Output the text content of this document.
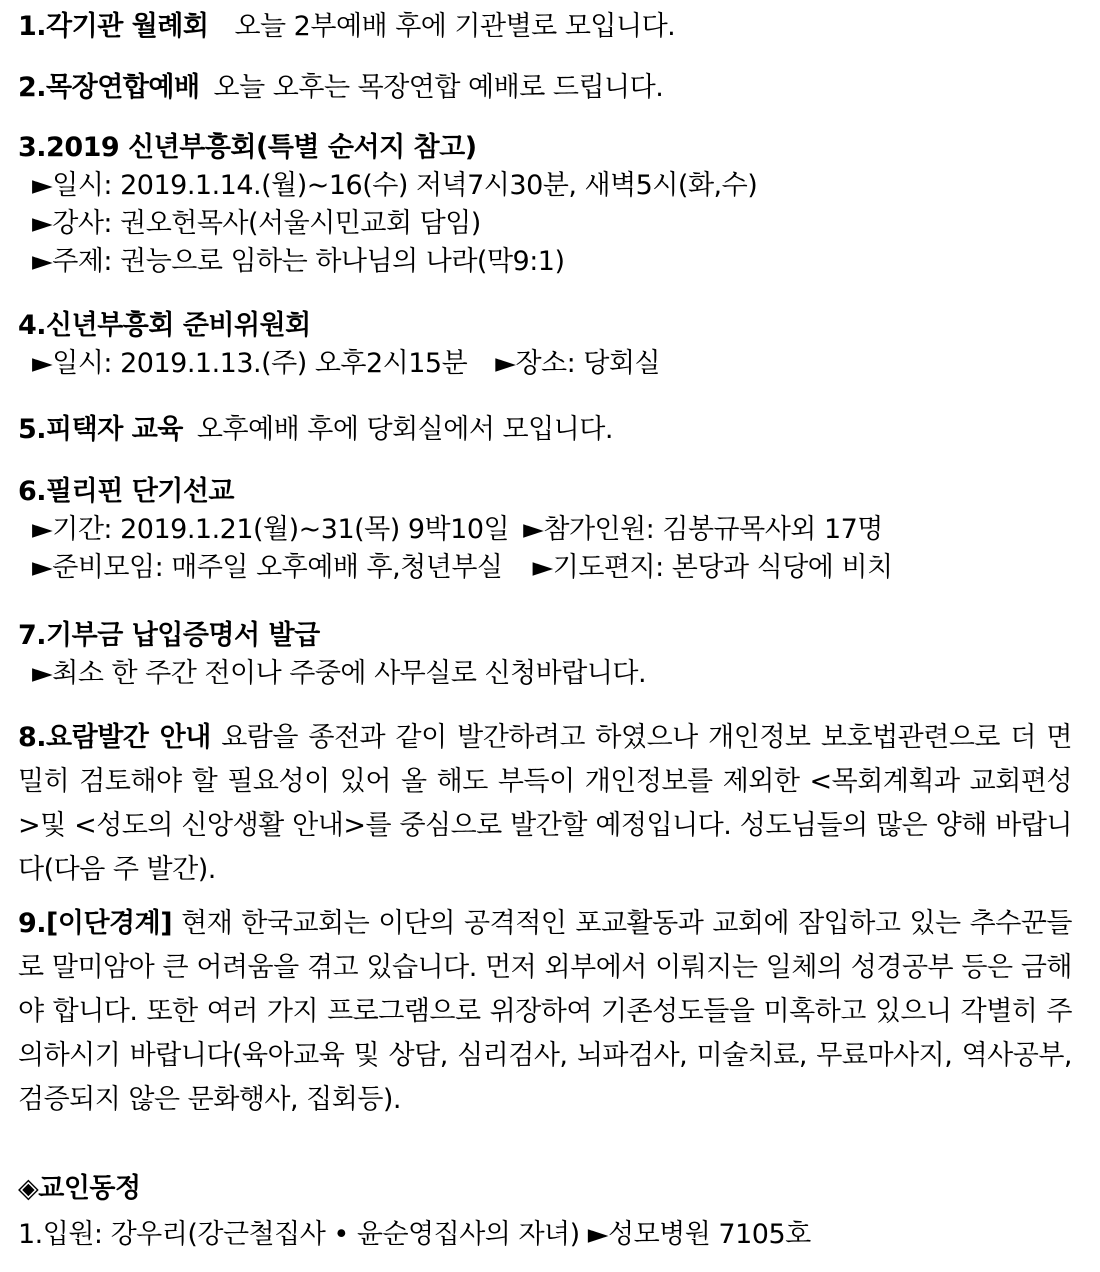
1.각기관 월례회 오늘 2부예배 후에 기관별로 모입니다.
2.목장연합예배 오늘 오후는 목장연합 예배로 드립니다.
3.2019 신년부흥회(특별 순서지 참고)
►일시: 2019.1.14.(월)~16(수) 저녁7시30분, 새벽5시(화,수)
►강사: 권오헌목사(서울시민교회 담임)
►주제: 권능으로 임하는 하나님의 나라(막9:1)
4.신년부흥회 준비위원회
►일시: 2019.1.13.(주) 오후2시15분 ►장소: 당회실
5.피택자 교육 오후예배 후에 당회실에서 모입니다.
6.필리핀 단기선교
►기간: 2019.1.21(월)~31(목) 9박10일 ►참가인원: 김봉규목사외 17명
►준비모임: 매주일 오후예배 후,청년부실 ►기도편지: 본당과 식당에 비치
7.기부금 납입증명서 발급
►최소 한 주간 전이나 주중에 사무실로 신청바랍니다.
8.요람발간 안내 요람을 종전과 같이 발간하려고 하였으나 개인정보 보호법관련으로 더 면밀히 검토해야 할 필요성이 있어 올 해도 부득이 개인정보를 제외한 <목회계획과 교회편성>및 <성도의 신앙생활 안내>를 중심으로 발간할 예정입니다. 성도님들의 많은 양해 바랍니다(다음 주 발간).
9.[이단경계] 현재 한국교회는 이단의 공격적인 포교활동과 교회에 잠입하고 있는 추수꾼들로 말미암아 큰 어려움을 겪고 있습니다. 먼저 외부에서 이뤄지는 일체의 성경공부 등은 금해야 합니다. 또한 여러 가지 프로그램으로 위장하여 기존성도들을 미혹하고 있으니 각별히 주의하시기 바랍니다(육아교육 및 상담, 심리검사, 뇌파검사, 미술치료, 무료마사지, 역사공부, 검증되지 않은 문화행사, 집회등).
◈교인동정
1.입원: 강우리(강근철집사 • 윤순영집사의 자녀) ►성모병원 7105호
